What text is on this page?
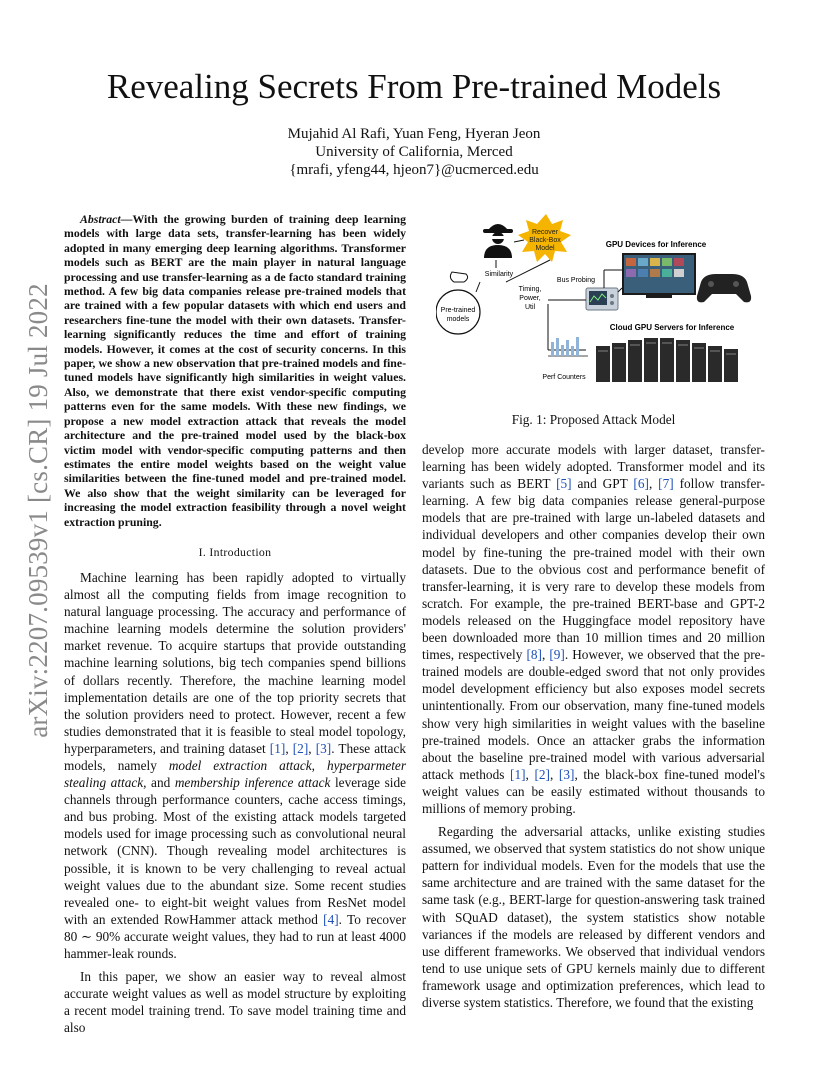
arXiv:2207.09539v1 [cs.CR] 19 Jul 2022
Revealing Secrets From Pre-trained Models
Mujahid Al Rafi, Yuan Feng, Hyeran Jeon
University of California, Merced
{mrafi, yfeng44, hjeon7}@ucmerced.edu

Abstract—With the growing burden of training deep learning models with large data sets, transfer-learning has been widely adopted in many emerging deep learning algorithms. Transformer models such as BERT are the main player in natural language processing and use transfer-learning as a de facto standard training method. A few big data companies release pre-trained models that are trained with a few popular datasets with which end users and researchers fine-tune the model with their own datasets. Transfer-learning significantly reduces the time and effort of training models. However, it comes at the cost of security concerns. In this paper, we show a new observation that pre-trained models and fine-tuned models have significantly high similarities in weight values. Also, we demonstrate that there exist vendor-specific computing patterns even for the same models. With these new findings, we propose a new model extraction attack that reveals the model architecture and the pre-trained model used by the black-box victim model with vendor-specific computing patterns and then estimates the entire model weights based on the weight value similarities between the fine-tuned model and pre-trained model. We also show that the weight similarity can be leveraged for increasing the model extraction feasibility through a novel weight extraction pruning.

I. Introduction

Machine learning has been rapidly adopted to virtually almost all the computing fields from image recognition to natural language processing. The accuracy and performance of machine learning models determine the solution providers' market revenue. To acquire startups that provide outstanding machine learning solutions, big tech companies spend billions of dollars recently. Therefore, the machine learning model implementation details are one of the top priority secrets that the solution providers need to protect. However, recent a few studies demonstrated that it is feasible to steal model topology, hyperparameters, and training dataset [1], [2], [3]. These attack models, namely model extraction attack, hyperparmeter stealing attack, and membership inference attack leverage side channels through performance counters, cache access timings, and bus probing. Most of the existing attack models targeted models used for image processing such as convolutional neural network (CNN). Though revealing model architectures is possible, it is known to be very challenging to reveal actual weight values due to the abundant size. Some recent studies revealed one- to eight-bit weight values from ResNet model with an extended RowHammer attack method [4]. To recover 80 ∼ 90% accurate weight values, they had to run at least 4000 hammer-leak rounds.

In this paper, we show an easier way to reveal almost accurate weight values as well as model structure by exploiting a recent model training trend. To save model training time and also

Recover
Black-Box
Model	GPU Devices for Inference
Bus Probing
Similarity
Timing,
Power,
Util
Pre-trained
models
Cloud GPU Servers for Inference
Perf Counters
Fig. 1: Proposed Attack Model

develop more accurate models with larger dataset, transfer-learning has been widely adopted. Transformer model and its variants such as BERT [5] and GPT [6], [7] follow transfer-learning. A few big data companies release general-purpose models that are pre-trained with large un-labeled datasets and individual developers and other companies develop their own model by fine-tuning the pre-trained model with their own datasets. Due to the obvious cost and performance benefit of transfer-learning, it is very rare to develop these models from scratch. For example, the pre-trained BERT-base and GPT-2 models released on the Huggingface model repository have been downloaded more than 10 million times and 20 million times, respectively [8], [9]. However, we observed that the pre-trained models are double-edged sword that not only provides model development efficiency but also exposes model secrets unintentionally. From our observation, many fine-tuned models show very high similarities in weight values with the baseline pre-trained models. Once an attacker grabs the information about the baseline pre-trained model with various adversarial attack methods [1], [2], [3], the black-box fine-tuned model's weight values can be easily estimated without thousands to millions of memory probing.

Regarding the adversarial attacks, unlike existing studies assumed, we observed that system statistics do not show unique pattern for individual models. Even for the models that use the same architecture and are trained with the same dataset for the same task (e.g., BERT-large for question-answering task trained with SQuAD dataset), the system statistics show notable variances if the models are released by different vendors and use different frameworks. We observed that individual vendors tend to use unique sets of GPU kernels mainly due to different framework usage and optimization preferences, which lead to diverse system statistics. Therefore, we found that the existing
